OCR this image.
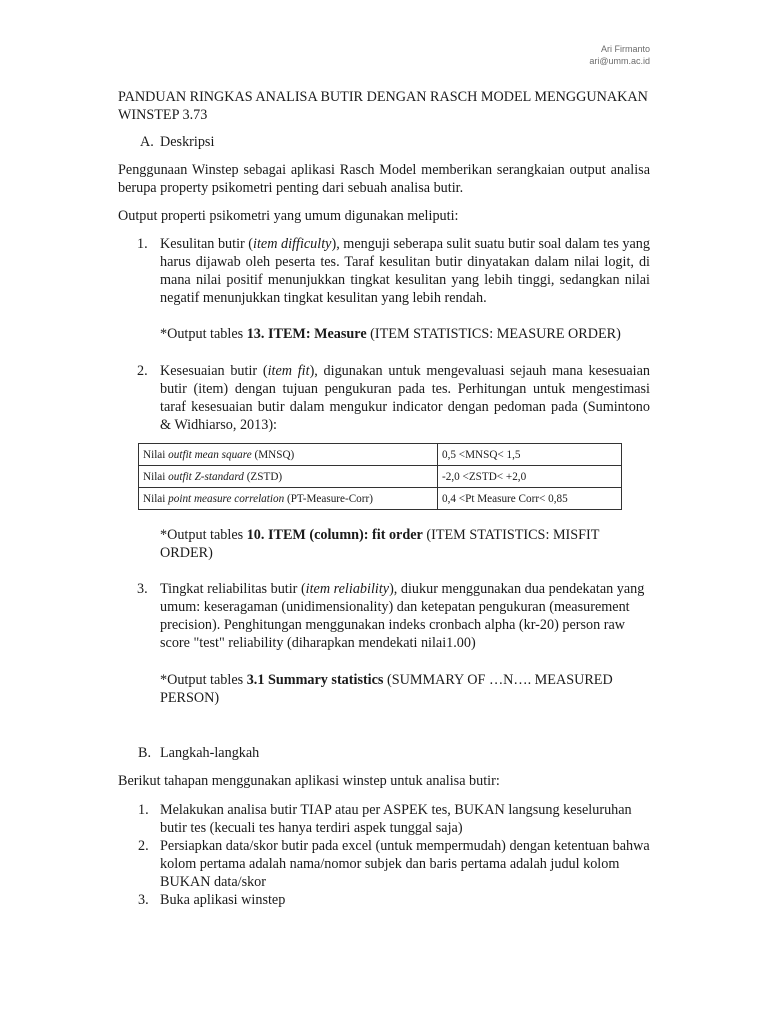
Ari Firmanto
ari@umm.ac.id

PANDUAN RINGKAS ANALISA BUTIR DENGAN RASCH MODEL MENGGUNAKAN WINSTEP 3.73

A. Deskripsi

Penggunaan Winstep sebagai aplikasi Rasch Model memberikan serangkaian output analisa berupa property psikometri penting dari sebuah analisa butir.

Output properti psikometri yang umum digunakan meliputi:

1. Kesulitan butir (item difficulty), menguji seberapa sulit suatu butir soal dalam tes yang harus dijawab oleh peserta tes. Taraf kesulitan butir dinyatakan dalam nilai logit, di mana nilai positif menunjukkan tingkat kesulitan yang lebih tinggi, sedangkan nilai negatif menunjukkan tingkat kesulitan yang lebih rendah.

*Output tables 13. ITEM: Measure (ITEM STATISTICS: MEASURE ORDER)

2. Kesesuaian butir (item fit), digunakan untuk mengevaluasi sejauh mana kesesuaian butir (item) dengan tujuan pengukuran pada tes. Perhitungan untuk mengestimasi taraf kesesuaian butir dalam mengukur indicator dengan pedoman pada (Sumintono & Widhiarso, 2013):

Nilai outfit mean square (MNSQ)	0,5 <MNSQ< 1,5
Nilai outfit Z-standard (ZSTD)	-2,0 <ZSTD< +2,0
Nilai point measure correlation (PT-Measure-Corr)	0,4 <Pt Measure Corr< 0,85

*Output tables 10. ITEM (column): fit order (ITEM STATISTICS: MISFIT ORDER)

3. Tingkat reliabilitas butir (item reliability), diukur menggunakan dua pendekatan yang umum: keseragaman (unidimensionality) dan ketepatan pengukuran (measurement precision). Penghitungan menggunakan indeks cronbach alpha (kr-20) person raw score "test" reliability (diharapkan mendekati nilai1.00)

*Output tables 3.1 Summary statistics (SUMMARY OF …N…. MEASURED PERSON)

B. Langkah-langkah

Berikut tahapan menggunakan aplikasi winstep untuk analisa butir:

1. Melakukan analisa butir TIAP atau per ASPEK tes, BUKAN langsung keseluruhan butir tes (kecuali tes hanya terdiri aspek tunggal saja)

2. Persiapkan data/skor butir pada excel (untuk mempermudah) dengan ketentuan bahwa kolom pertama adalah nama/nomor subjek dan baris pertama adalah judul kolom BUKAN data/skor

3. Buka aplikasi winstep
